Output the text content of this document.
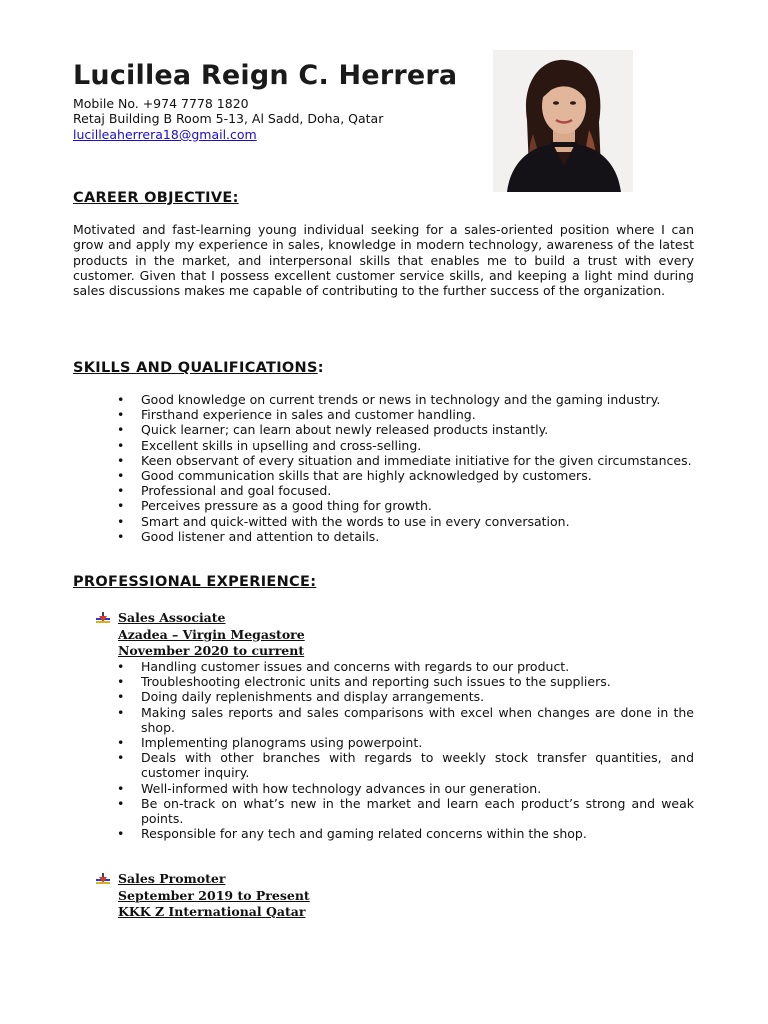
Lucillea Reign C. Herrera
Mobile No. +974 7778 1820
Retaj Building B Room 5-13, Al Sadd, Doha, Qatar
lucilleaherrera18@gmail.com
CAREER OBJECTIVE:
Motivated and fast-learning young individual seeking for a sales-oriented position where I can grow and apply my experience in sales, knowledge in modern technology, awareness of the latest products in the market, and interpersonal skills that enables me to build a trust with every customer. Given that I possess excellent customer service skills, and keeping a light mind during sales discussions makes me capable of contributing to the further success of the organization.
SKILLS AND QUALIFICATIONS:
• Good knowledge on current trends or news in technology and the gaming industry.
• Firsthand experience in sales and customer handling.
• Quick learner; can learn about newly released products instantly.
• Excellent skills in upselling and cross-selling.
• Keen observant of every situation and immediate initiative for the given circumstances.
• Good communication skills that are highly acknowledged by customers.
• Professional and goal focused.
• Perceives pressure as a good thing for growth.
• Smart and quick-witted with the words to use in every conversation.
• Good listener and attention to details.
PROFESSIONAL EXPERIENCE:
Sales Associate
Azadea – Virgin Megastore
November 2020 to current
• Handling customer issues and concerns with regards to our product.
• Troubleshooting electronic units and reporting such issues to the suppliers.
• Doing daily replenishments and display arrangements.
• Making sales reports and sales comparisons with excel when changes are done in the shop.
• Implementing planograms using powerpoint.
• Deals with other branches with regards to weekly stock transfer quantities, and customer inquiry.
• Well-informed with how technology advances in our generation.
• Be on-track on what’s new in the market and learn each product’s strong and weak points.
• Responsible for any tech and gaming related concerns within the shop.
Sales Promoter
September 2019 to Present
KKK Z International Qatar
